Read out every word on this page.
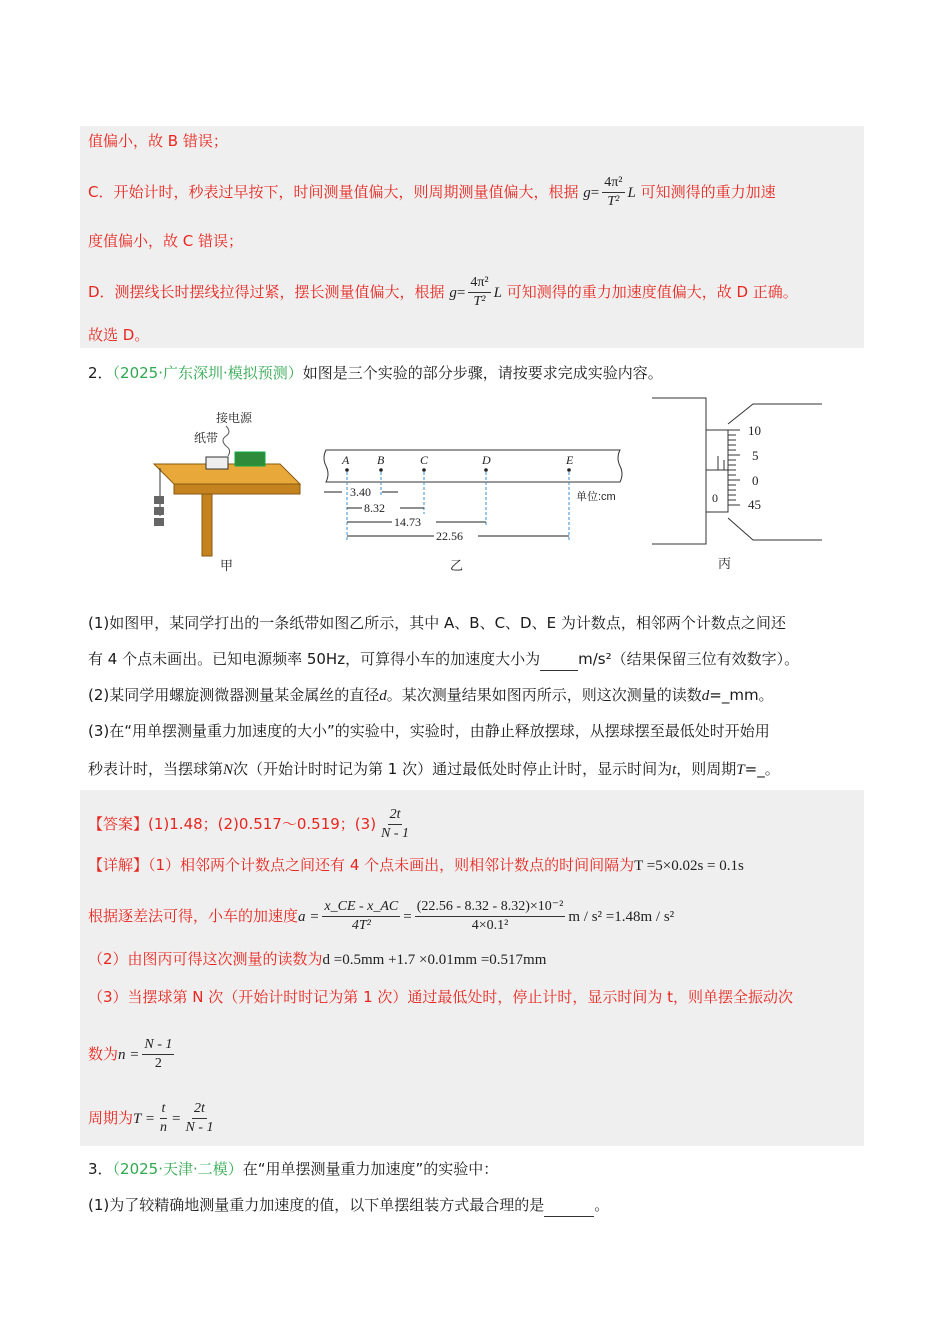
值偏小，故 B 错误；
C．开始计时，秒表过早按下，时间测量值偏大，则周期测量值偏大，根据 $g= \frac{\text{4π²}}{\text{T²}}$ L 可知测得的重力加速
度值偏小，故 C 错误；
D．测摆线长时摆线拉得过紧，摆长测量值偏大，根据 $g= \frac{\text{4π²}}{\text{T²}}$ L 可知测得的重力加速度值偏大，故 D 正确。
故选 D。
2．（2025·广东深圳·模拟预测）如图是三个实验的部分步骤，请按要求完成实验内容。
接电源
纸带
甲
A B	C	D	E
3.40
8.32
14.73
22.56
单位:cm
乙
0
10
5
0
45
丙
(1)如图甲，某同学打出的一条纸带如图乙所示，其中 A、B、C、D、E 为计数点，相邻两个计数点之间还
有 4 个点未画出。已知电源频率 50Hz，可算得小车的加速度大小为	m/s²（结果保留三位有效数字）。
(2)某同学用螺旋测微器测量某金属丝的直径d。某次测量结果如图丙所示，则这次测量的读数d=_mm。
(3)在“用单摆测量重力加速度的大小”的实验中，实验时，由静止释放摆球，从摆球摆至最低处时开始用
秒表计时，当摆球第N次（开始计时时记为第 1 次）通过最低处时停止计时，显示时间为t，则周期T=_。
【答案】(1)1.48；(2)0.517～0.519；$(3) \frac{2t}{N - 1}$
【详解】（1）相邻两个计数点之间还有 4 个点未画出，则相邻计数点的时间间隔为T =5×0.02s = 0.1s
根据逐差法可得，小车的加速度$a = \frac{x\_CE - x\_AC}{\text{4T²}} = \frac{\text{(22.56 - 8.32 - 8.32)×10⁻²}}{\text{4×0.1²}}$ m / s² =1.48m / s²
（2）由图丙可得这次测量的读数为d =0.5mm +1.7 ×0.01mm =0.517mm
（3）当摆球第 N 次（开始计时时记为第 1 次）通过最低处时，停止计时，显示时间为 t，则单摆全振动次
数为$n = \frac{N - 1}{2}$
周期为$T = \frac{t}{n} = \frac{2t}{N - 1}$
3．（2025·天津·二模）在“用单摆测量重力加速度”的实验中：
(1)为了较精确地测量重力加速度的值，以下单摆组装方式最合理的是	。
